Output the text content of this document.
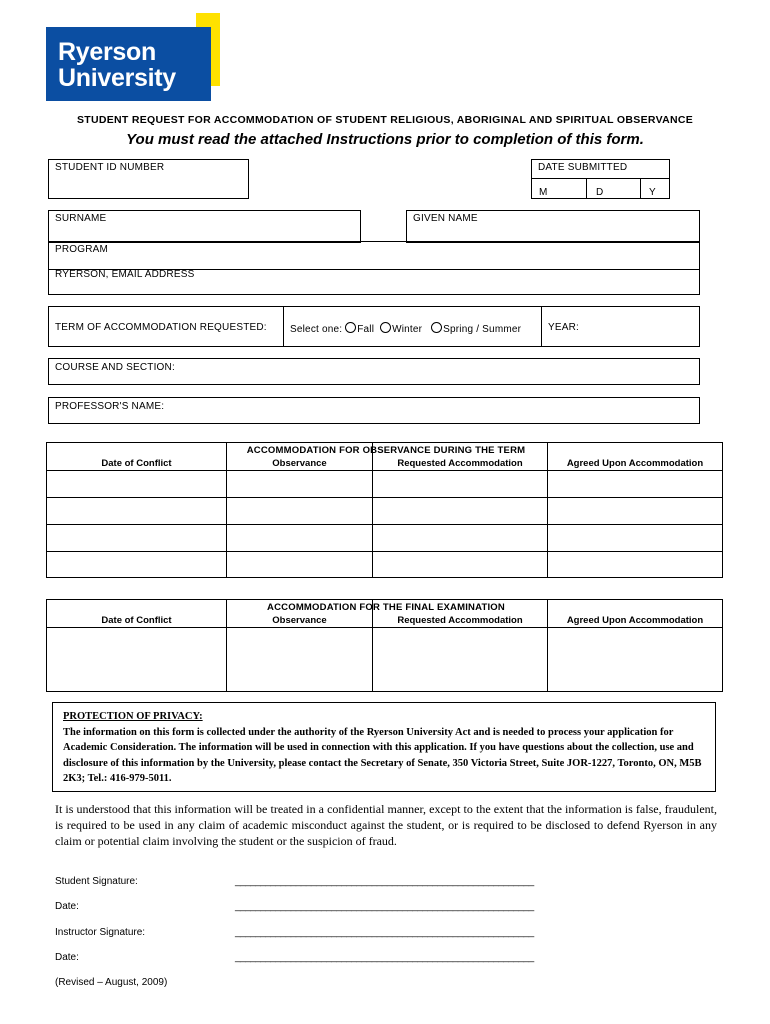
Ryerson
University
STUDENT REQUEST FOR ACCOMMODATION OF STUDENT RELIGIOUS, ABORIGINAL AND SPIRITUAL OBSERVANCE
You must read the attached Instructions prior to completion of this form.
STUDENT ID NUMBER	DATE SUBMITTED
M	D	Y
SURNAME	GIVEN NAME
PROGRAM
RYERSON, EMAIL ADDRESS
TERM OF ACCOMMODATION REQUESTED: Select one: Fall Winter Spring / Summer	YEAR:
COURSE AND SECTION:
PROFESSOR'S NAME:
ACCOMMODATION FOR OBSERVANCE DURING THE TERM
Date of Conflict	Observance	Requested Accommodation	Agreed Upon Accommodation

ACCOMMODATION FOR THE FINAL EXAMINATION
Date of Conflict	Observance	Requested Accommodation	Agreed Upon Accommodation

PROTECTION OF PRIVACY:
The information on this form is collected under the authority of the Ryerson University Act and is needed to process your application for Academic Consideration. The information will be used in connection with this application. If you have questions about the collection, use and disclosure of this information by the University, please contact the Secretary of Senate, 350 Victoria Street, Suite JOR-1227, Toronto, ON, M5B 2K3; Tel.: 416-979-5011.
It is understood that this information will be treated in a confidential manner, except to the extent that the information is false, fraudulent, is required to be used in any claim of academic misconduct against the student, or is required to be disclosed to defend Ryerson in any claim or potential claim involving the student or the suspicion of fraud.
Student Signature:	___________________________________________________________
Date:	___________________________________________________________
Instructor Signature:	___________________________________________________________
Date:	___________________________________________________________
(Revised – August, 2009)
